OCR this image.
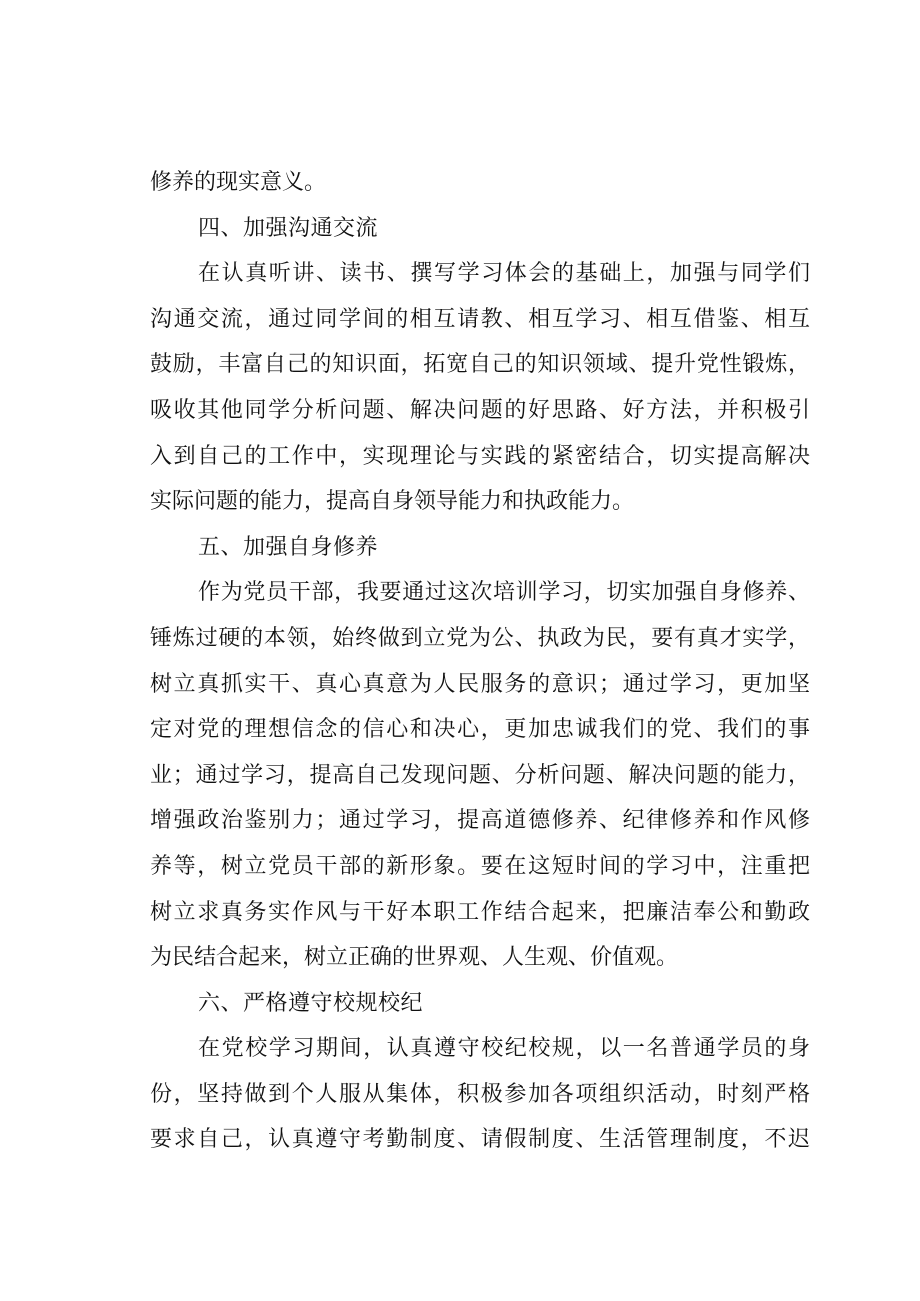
修养的现实意义。
四、加强沟通交流
在认真听讲、读书、撰写学习体会的基础上，加强与同学们
沟通交流，通过同学间的相互请教、相互学习、相互借鉴、相互
鼓励，丰富自己的知识面，拓宽自己的知识领域、提升党性锻炼，
吸收其他同学分析问题、解决问题的好思路、好方法，并积极引
入到自己的工作中，实现理论与实践的紧密结合，切实提高解决
实际问题的能力，提高自身领导能力和执政能力。
五、加强自身修养
作为党员干部，我要通过这次培训学习，切实加强自身修养、
锤炼过硬的本领，始终做到立党为公、执政为民，要有真才实学，
树立真抓实干、真心真意为人民服务的意识；通过学习，更加坚
定对党的理想信念的信心和决心，更加忠诚我们的党、我们的事
业；通过学习，提高自己发现问题、分析问题、解决问题的能力，
增强政治鉴别力；通过学习，提高道德修养、纪律修养和作风修
养等，树立党员干部的新形象。要在这短时间的学习中，注重把
树立求真务实作风与干好本职工作结合起来，把廉洁奉公和勤政
为民结合起来，树立正确的世界观、人生观、价值观。
六、严格遵守校规校纪
在党校学习期间，认真遵守校纪校规，以一名普通学员的身
份，坚持做到个人服从集体，积极参加各项组织活动，时刻严格
要求自己，认真遵守考勤制度、请假制度、生活管理制度，不迟
